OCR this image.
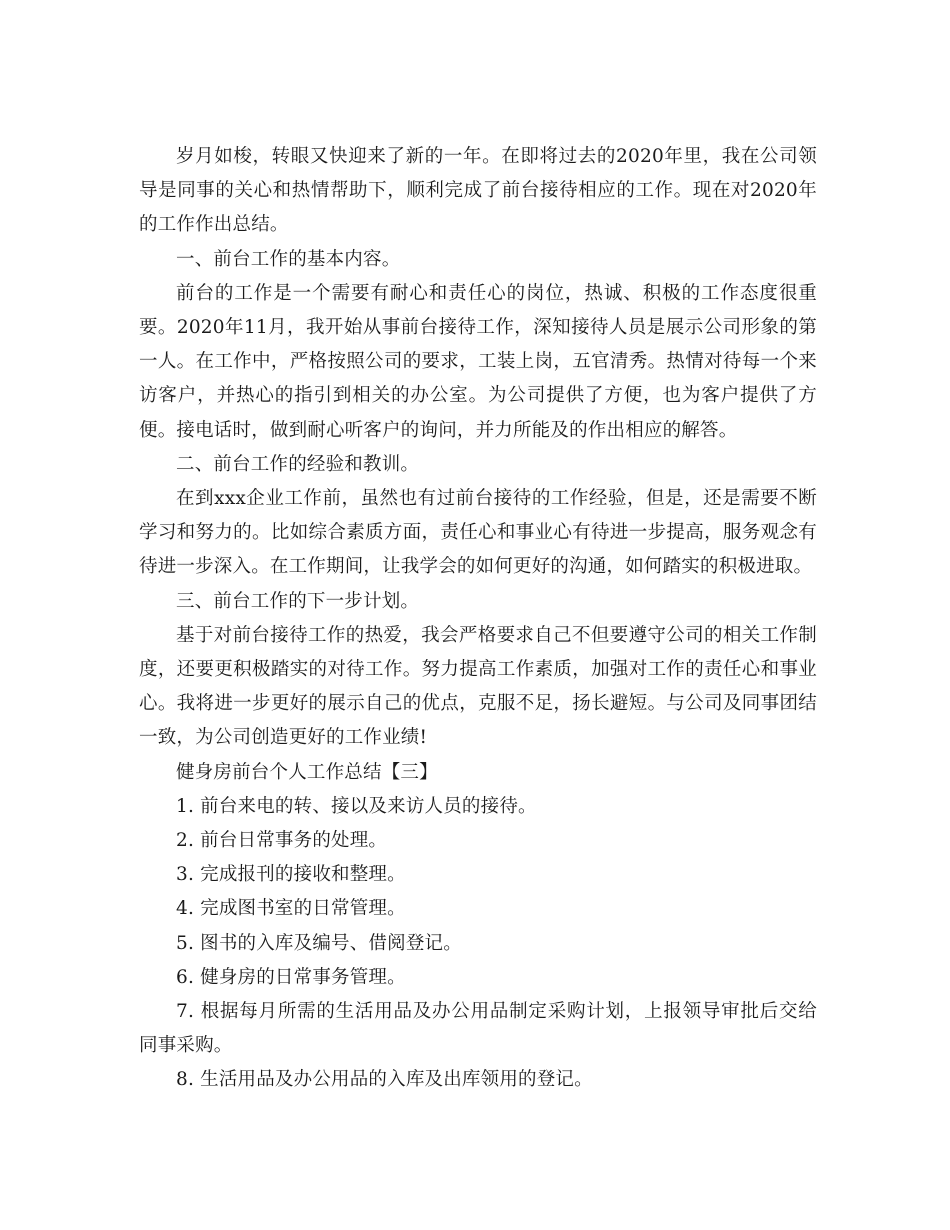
岁月如梭，转眼又快迎来了新的一年。在即将过去的2020年里，我在公司领导是同事的关心和热情帮助下，顺利完成了前台接待相应的工作。现在对2020年的工作作出总结。

一、前台工作的基本内容。

前台的工作是一个需要有耐心和责任心的岗位，热诚、积极的工作态度很重要。2020年11月，我开始从事前台接待工作，深知接待人员是展示公司形象的第一人。在工作中，严格按照公司的要求，工装上岗，五官清秀。热情对待每一个来访客户，并热心的指引到相关的办公室。为公司提供了方便，也为客户提供了方便。接电话时，做到耐心听客户的询问，并力所能及的作出相应的解答。

二、前台工作的经验和教训。

在到xxx企业工作前，虽然也有过前台接待的工作经验，但是，还是需要不断学习和努力的。比如综合素质方面，责任心和事业心有待进一步提高，服务观念有待进一步深入。在工作期间，让我学会的如何更好的沟通，如何踏实的积极进取。

三、前台工作的下一步计划。

基于对前台接待工作的热爱，我会严格要求自己不但要遵守公司的相关工作制度，还要更积极踏实的对待工作。努力提高工作素质，加强对工作的责任心和事业心。我将进一步更好的展示自己的优点，克服不足，扬长避短。与公司及同事团结一致，为公司创造更好的工作业绩!

健身房前台个人工作总结【三】

1. 前台来电的转、接以及来访人员的接待。

2. 前台日常事务的处理。

3. 完成报刊的接收和整理。

4. 完成图书室的日常管理。

5. 图书的入库及编号、借阅登记。

6. 健身房的日常事务管理。

7. 根据每月所需的生活用品及办公用品制定采购计划，上报领导审批后交给同事采购。

8. 生活用品及办公用品的入库及出库领用的登记。
